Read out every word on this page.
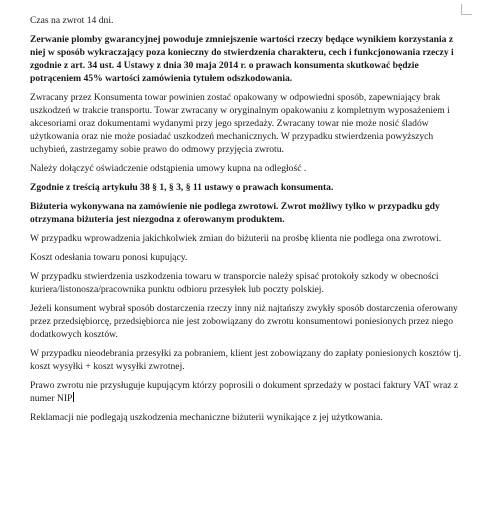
Czas na zwrot 14 dni.

Zerwanie plomby gwarancyjnej powoduje zmniejszenie wartości rzeczy będące wynikiem korzystania z niej w sposób wykraczający poza konieczny do stwierdzenia charakteru, cech i funkcjonowania rzeczy i zgodnie z art. 34 ust. 4 Ustawy z dnia 30 maja 2014 r. o prawach konsumenta skutkować będzie potrąceniem 45% wartości zamówienia tytułem odszkodowania.

Zwracany przez Konsumenta towar powinien zostać opakowany w odpowiedni sposób, zapewniający brak uszkodzeń w trakcie transportu. Towar zwracany w oryginalnym opakowaniu z kompletnym wyposażeniem i akcesoriami oraz dokumentami wydanymi przy jego sprzedaży. Zwracany towar nie może nosić śladów użytkowania oraz nie może posiadać uszkodzeń mechanicznych. W przypadku stwierdzenia powyższych uchybień, zastrzegamy sobie prawo do odmowy przyjęcia zwrotu.

Należy dołączyć oświadczenie odstąpienia umowy kupna na odległość .

Zgodnie z treścią artykułu 38 § 1, § 3, § 11 ustawy o prawach konsumenta.

Biżuteria wykonywana na zamówienie nie podlega zwrotowi. Zwrot możliwy tylko w przypadku gdy otrzymana biżuteria jest niezgodna z oferowanym produktem.

W przypadku wprowadzenia jakichkolwiek zmian do biżuterii na prośbę klienta nie podlega ona zwrotowi.

Koszt odesłania towaru ponosi kupujący.

W przypadku stwierdzenia uszkodzenia towaru w transporcie należy spisać protokoły szkody w obecności kuriera/listonosza/pracownika punktu odbioru przesyłek lub poczty polskiej.

Jeżeli konsument wybrał sposób dostarczenia rzeczy inny niż najtańszy zwykły sposób dostarczenia oferowany przez przedsiębiorcę, przedsiębiorca nie jest zobowiązany do zwrotu konsumentowi poniesionych przez niego dodatkowych kosztów.

W przypadku nieodebrania przesyłki za pobraniem, klient jest zobowiązany do zapłaty poniesionych kosztów tj. koszt wysyłki + koszt wysyłki zwrotnej.

Prawo zwrotu nie przysługuje kupującym którzy poprosili o dokument sprzedaży w postaci faktury VAT wraz z numer NIP

Reklamacji nie podlegają uszkodzenia mechaniczne biżuterii wynikające z jej użytkowania.
